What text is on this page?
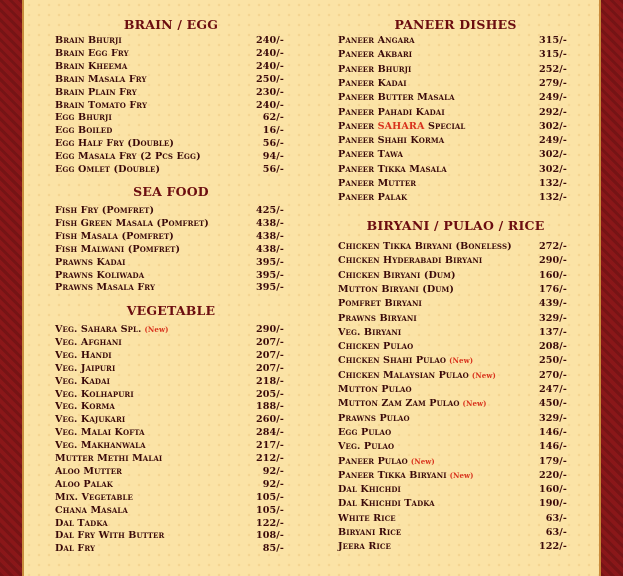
BRAIN / EGG
SEA FOOD
VEGETABLE
Brain Bhurji	240/-
Brain Egg Fry	240/-
Brain Kheema	240/-
Brain Masala Fry	250/-
Brain Plain Fry	230/-
Brain Tomato Fry	240/-
Egg Bhurji	62/-
Egg Boiled	16/-
Egg Half Fry (Double)	56/-
Egg Masala Fry (2 Pcs Egg)	94/-
Egg Omlet (Double)	56/-
Fish Fry (Pomfret)	425/-
Fish Green Masala (Pomfret)	438/-
Fish Masala (Pomfret)	438/-
Fish Malwani (Pomfret)	438/-
Prawns Kadai	395/-
Prawns Koliwada	395/-
Prawns Masala Fry	395/-
Veg. Sahara Spl. (New)	290/-
Veg. Afghani	207/-
Veg. Handi	207/-
Veg. Jaipuri	207/-
Veg. Kadai	218/-
Veg. Kolhapuri	205/-
Veg. Korma	188/-
Veg. Kajukari	260/-
Veg. Malai Kofta	284/-
Veg. Makhanwala	217/-
Mutter Methi Malai	212/-
Aloo Mutter	92/-
Aloo Palak	92/-
Mix. Vegetable	105/-
Chana Masala	105/-
Dal Tadka	122/-
Dal Fry With Butter	108/-
Dal Fry	85/-
PANEER DISHES
BIRYANI / PULAO / RICE
Paneer Angara	315/-
Paneer Akbari	315/-
Paneer Bhurji	252/-
Paneer Kadai	279/-
Paneer Butter Masala	249/-
Paneer Pahadi Kadai	292/-
Paneer SAHARA Special	302/-
Paneer Shahi Korma	249/-
Paneer Tawa	302/-
Paneer Tikka Masala	302/-
Paneer Mutter	132/-
Paneer Palak	132/-
Chicken Tikka Biryani (Boneless)	272/-
Chicken Hyderabadi Biryani	290/-
Chicken Biryani (Dum)	160/-
Mutton Biryani (Dum)	176/-
Pomfret Biryani	439/-
Prawns Biryani	329/-
Veg. Biryani	137/-
Chicken Pulao	208/-
Chicken Shahi Pulao (New)	250/-
Chicken Malaysian Pulao (New)	270/-
Mutton Pulao	247/-
Mutton Zam Zam Pulao (New)	450/-
Prawns Pulao	329/-
Egg Pulao	146/-
Veg. Pulao	146/-
Paneer Pulao (New)	179/-
Paneer Tikka Biryani (New)	220/-
Dal Khichdi	160/-
Dal Khichdi Tadka	190/-
White Rice	63/-
Biryani Rice	63/-
Jeera Rice	122/-
